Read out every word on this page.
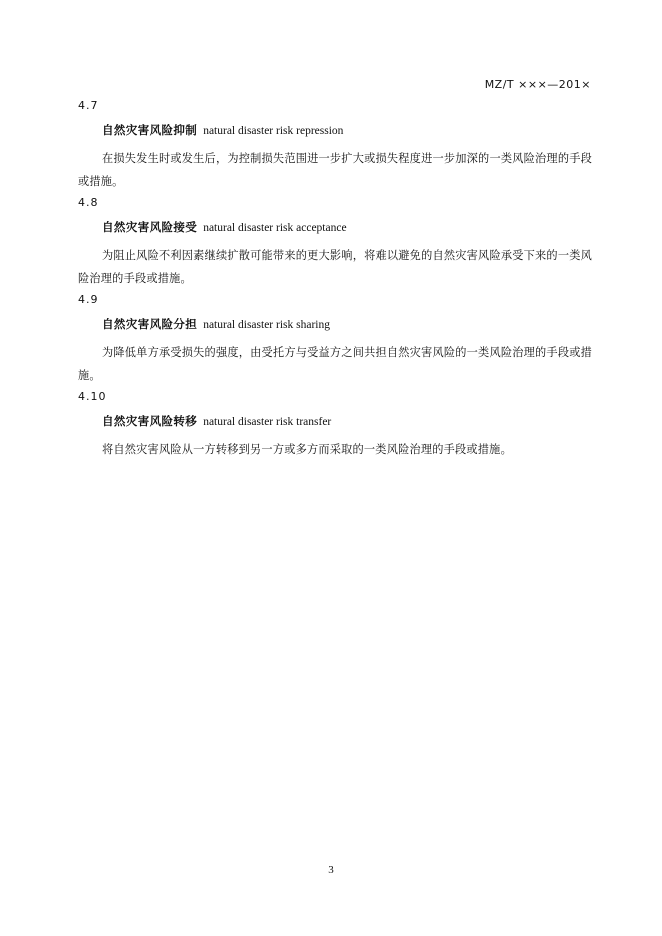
MZ/T ×××—201×
4.7
自然灾害风险抑制 natural disaster risk repression
在损失发生时或发生后，为控制损失范围进一步扩大或损失程度进一步加深的一类风险治理的手段或措施。
4.8
自然灾害风险接受 natural disaster risk acceptance
为阻止风险不利因素继续扩散可能带来的更大影响，将难以避免的自然灾害风险承受下来的一类风险治理的手段或措施。
4.9
自然灾害风险分担 natural disaster risk sharing
为降低单方承受损失的强度，由受托方与受益方之间共担自然灾害风险的一类风险治理的手段或措施。
4.10
自然灾害风险转移 natural disaster risk transfer
将自然灾害风险从一方转移到另一方或多方而采取的一类风险治理的手段或措施。
3
